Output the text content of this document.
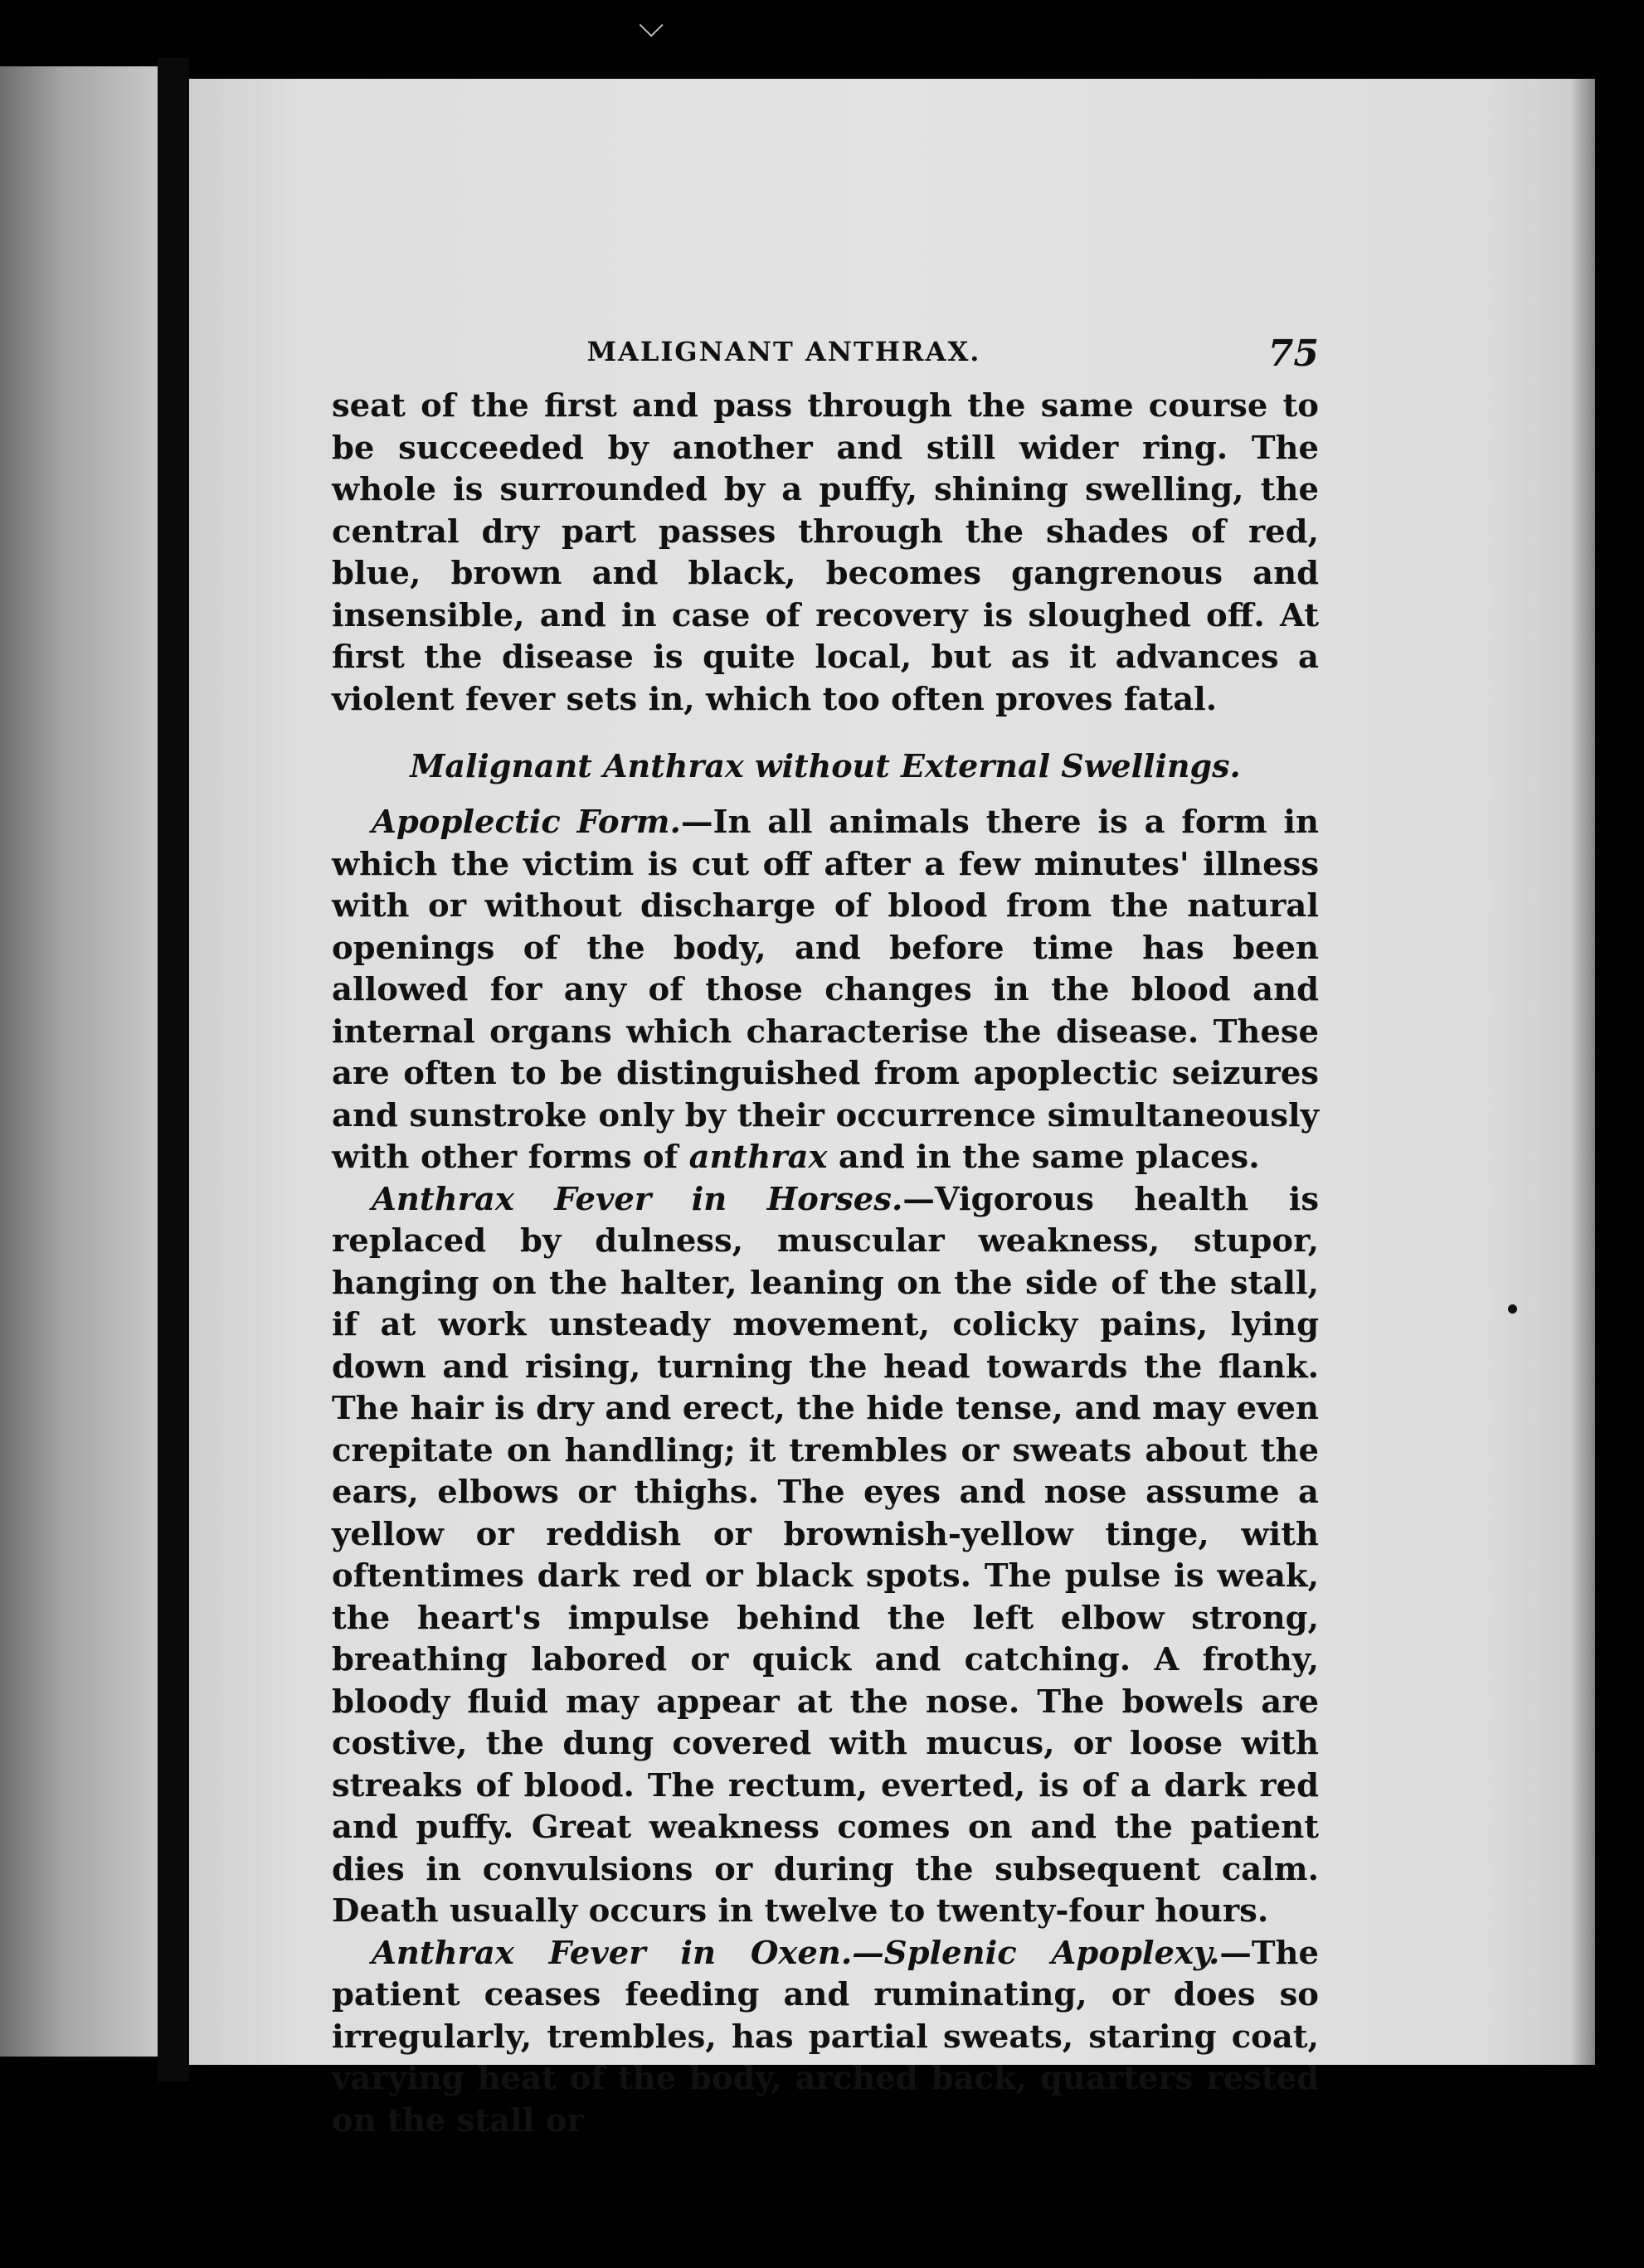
⌵
MALIGNANT ANTHRAX.	75

seat of the first and pass through the same course to be succeeded by another and still wider ring. The whole is surrounded by a puffy, shining swelling, the central dry part passes through the shades of red, blue, brown and black, becomes gangrenous and insensible, and in case of recovery is sloughed off. At first the disease is quite local, but as it advances a violent fever sets in, which too often proves fatal.

Malignant Anthrax without External Swellings.

Apoplectic Form.—In all animals there is a form in which the victim is cut off after a few minutes' illness with or without discharge of blood from the natural openings of the body, and before time has been allowed for any of those changes in the blood and internal organs which characterise the disease. These are often to be distinguished from apoplectic seizures and sunstroke only by their occurrence simultaneously with other forms of anthrax and in the same places.

Anthrax Fever in Horses.—Vigorous health is replaced by dulness, muscular weakness, stupor, hanging on the halter, leaning on the side of the stall, if at work unsteady movement, colicky pains, lying down and rising, turning the head towards the flank. The hair is dry and erect, the hide tense, and may even crepitate on handling; it trembles or sweats about the ears, elbows or thighs. The eyes and nose assume a yellow or reddish or brownish-yellow tinge, with oftentimes dark red or black spots. The pulse is weak, the heart's impulse behind the left elbow strong, breathing labored or quick and catching. A frothy, bloody fluid may appear at the nose. The bowels are costive, the dung covered with mucus, or loose with streaks of blood. The rectum, everted, is of a dark red and puffy. Great weakness comes on and the patient dies in convulsions or during the subsequent calm. Death usually occurs in twelve to twenty-four hours.

Anthrax Fever in Oxen.—Splenic Apoplexy.—The patient ceases feeding and ruminating, or does so irregularly, trembles, has partial sweats, staring coat, varying heat of the body, arched back, quarters rested on the stall or
